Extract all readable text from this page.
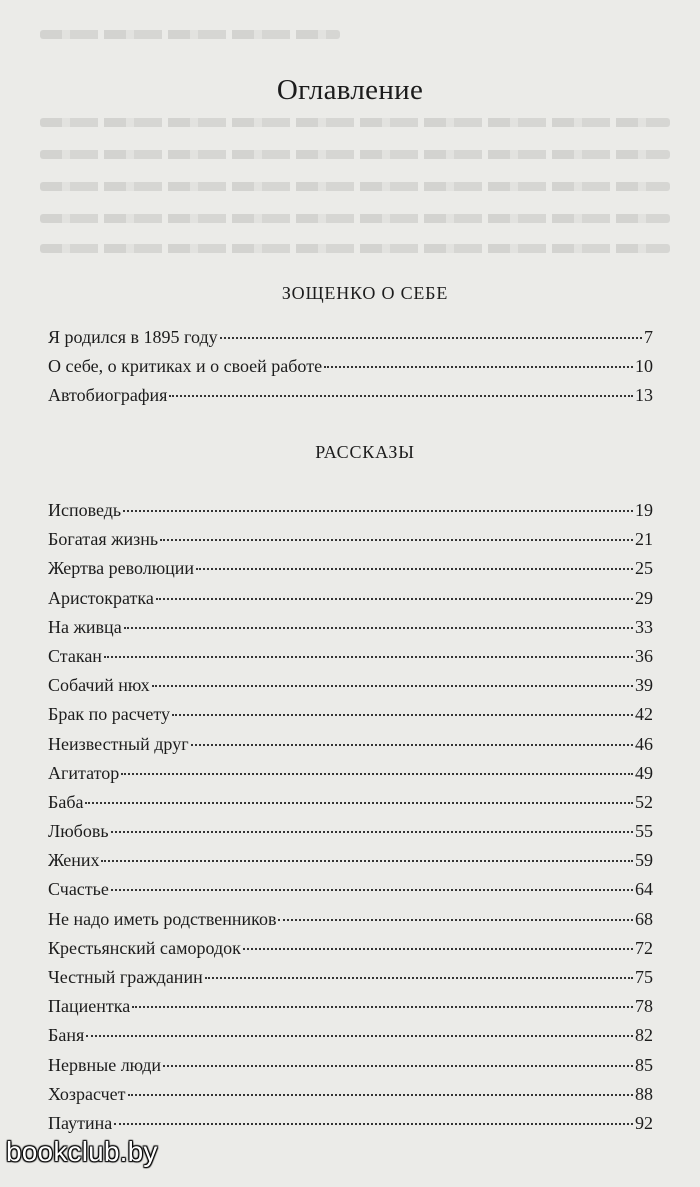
Оглавление
ЗОЩЕНКО О СЕБЕ
Я родился в 1895 году	7
О себе, о критиках и о своей работе	10
Автобиография	13
РАССКАЗЫ
Исповедь	19
Богатая жизнь	21
Жертва революции	25
Аристократка	29
На живца	33
Стакан	36
Собачий нюх	39
Брак по расчету	42
Неизвестный друг	46
Агитатор	49
Баба	52
Любовь	55
Жених	59
Счастье	64
Не надо иметь родственников	68
Крестьянский самородок	72
Честный гражданин	75
Пациентка	78
Баня	82
Нервные люди	85
Хозрасчет	88
Паутина	92
bookclub.by
